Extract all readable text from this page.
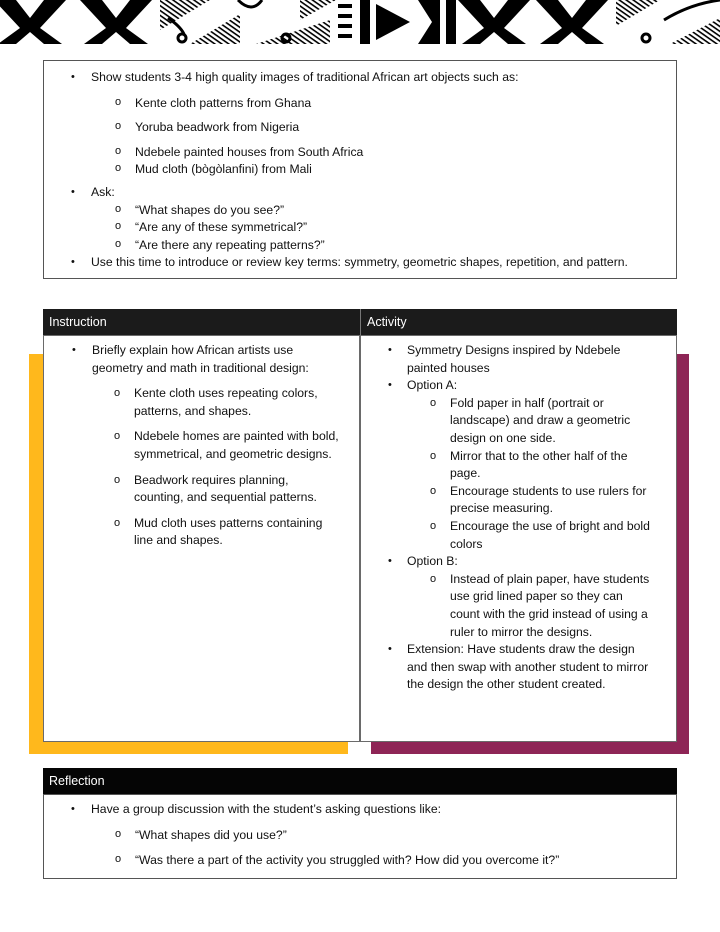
• Show students 3-4 high quality images of traditional African art objects such as:
o Kente cloth patterns from Ghana
o Yoruba beadwork from Nigeria
o Ndebele painted houses from South Africa
o Mud cloth (bògòlanfini) from Mali
• Ask:
o “What shapes do you see?”
o “Are any of these symmetrical?”
o “Are there any repeating patterns?”
• Use this time to introduce or review key terms: symmetry, geometric shapes, repetition, and pattern.
Instruction	Activity
• Briefly explain how African artists use geometry and math in traditional design:
o Kente cloth uses repeating colors, patterns, and shapes.
o Ndebele homes are painted with bold, symmetrical, and geometric designs.
o Beadwork requires planning, counting, and sequential patterns.
o Mud cloth uses patterns containing line and shapes.
• Symmetry Designs inspired by Ndebele painted houses
• Option A:
o Fold paper in half (portrait or landscape) and draw a geometric design on one side.
o Mirror that to the other half of the page.
o Encourage students to use rulers for precise measuring.
o Encourage the use of bright and bold colors
• Option B:
o Instead of plain paper, have students use grid lined paper so they can count with the grid instead of using a ruler to mirror the designs.
• Extension: Have students draw the design and then swap with another student to mirror the design the other student created.
Reflection
• Have a group discussion with the student’s asking questions like:
o “What shapes did you use?”
o “Was there a part of the activity you struggled with? How did you overcome it?”
